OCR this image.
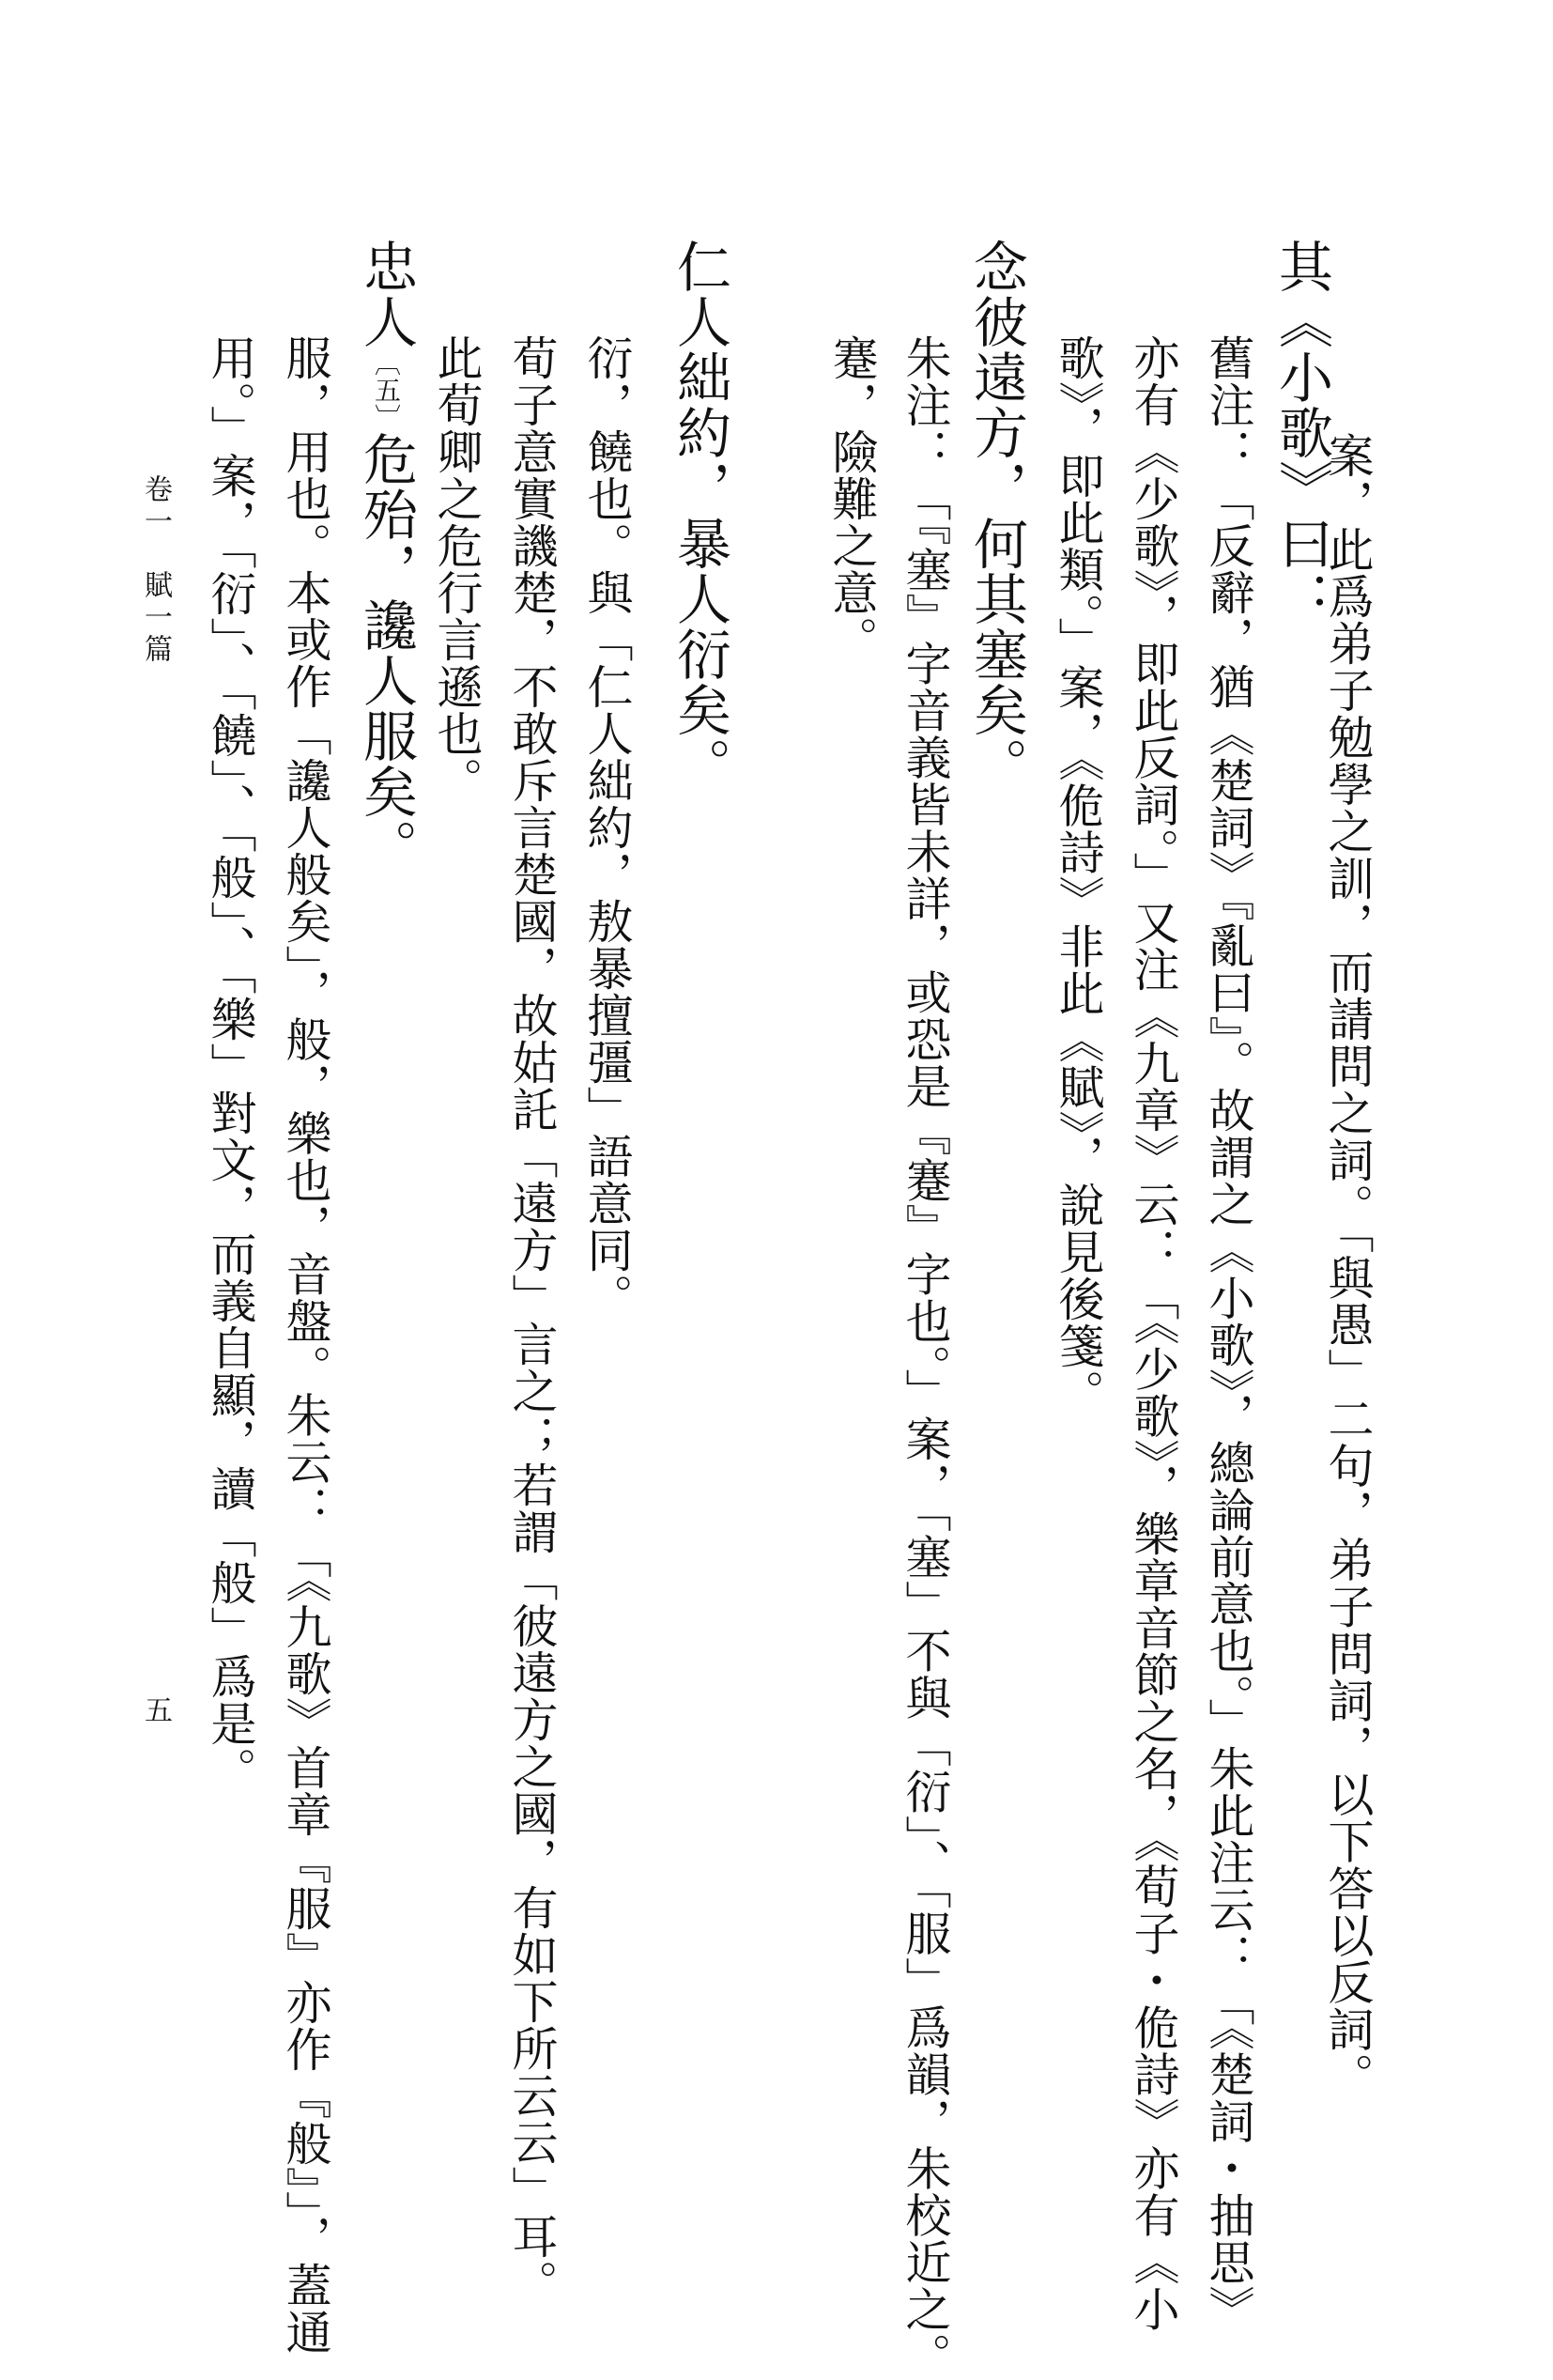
案，此爲弟子勉學之訓，而請問之詞。「與愚」二句，弟子問詞，以下答以反詞。
其《小歌》曰：
舊注：「反辭，猶《楚詞》『亂曰』。故謂之《小歌》，總論前意也。」朱此注云：「《楚詞・抽思》
亦有《少歌》，即此反詞。」又注《九章》云：「《少歌》，樂章音節之名，《荀子・佹詩》亦有《小
歌》，即此類。」案，《佹詩》非此《賦》，說見後箋。
念彼遠方，何其塞矣。
朱注：「『塞』字音義皆未詳，或恐是『蹇』字也。」案，「塞」不與「衍」、「服」爲韻，朱校近之。
蹇，險難之意。
仁人絀約，暴人衍矣。
衍，饒也。與「仁人絀約，敖暴擅彊」語意同。
荀子意實譏楚，不敢斥言楚國，故姑託「遠方」言之；若謂「彼遠方之國，有如下所云云」耳。
此荀卿之危行言遜也。
忠人〔五〕危殆，讒人服矣。
服，用也。本或作「讒人般矣」，般，樂也，音盤。朱云：「《九歌》首章『服』亦作『般』」，蓋通
用。」案，「衍」、「饒」、「般」、「樂」對文，而義自顯，讀「般」爲是。
卷一　賦一篇
五
